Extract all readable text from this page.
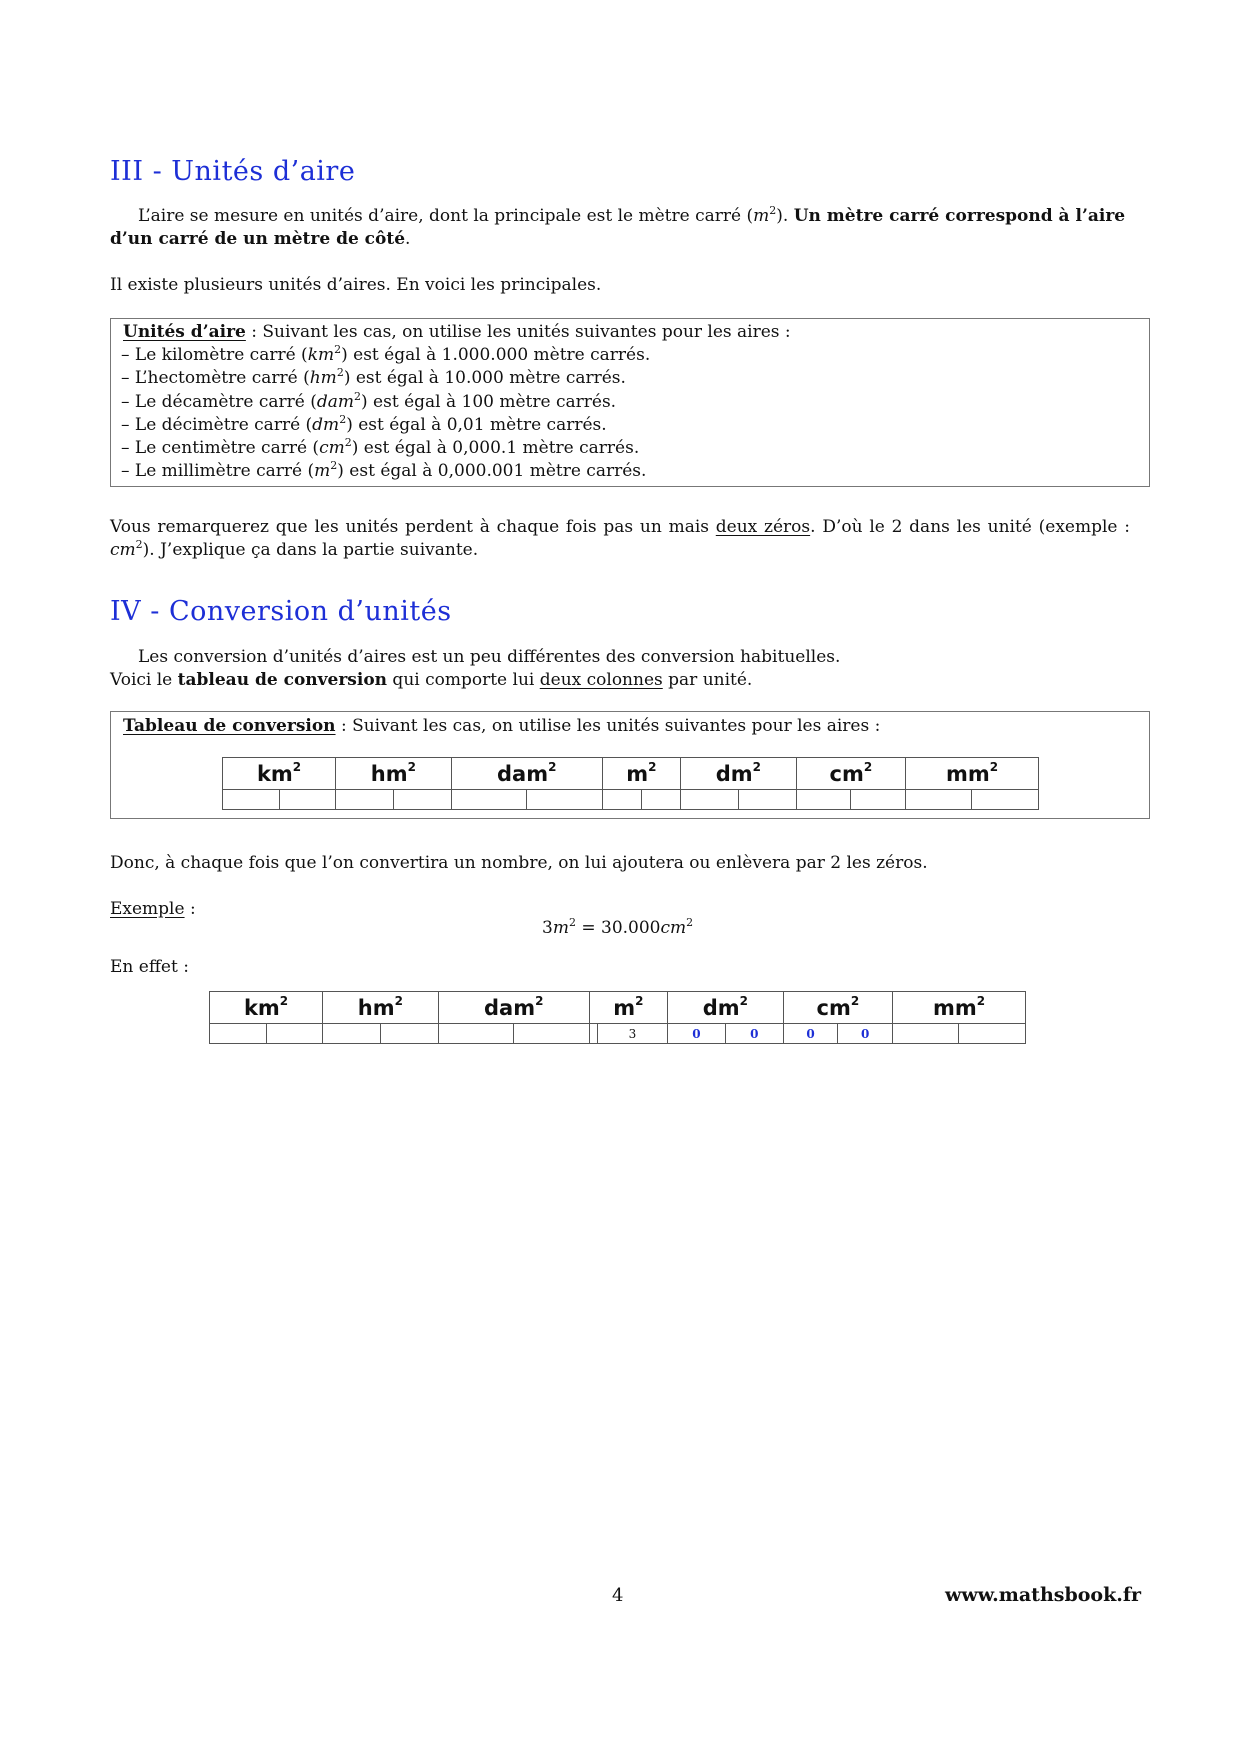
III - Unités d’aire

L’aire se mesure en unités d’aire, dont la principale est le mètre carré $(m^2)$. Un mètre carré correspond à l’aire

d’un carré de un mètre de côté.

Il existe plusieurs unités d’aires. En voici les principales.

Unités d’aire : Suivant les cas, on utilise les unités suivantes pour les aires :
– Le kilomètre carré $(km^2)$ est égal à 1.000.000 mètre carrés.
– L’hectomètre carré $(hm^2)$ est égal à 10.000 mètre carrés.
– Le décamètre carré (dam$^2$) est égal à 100 mètre carrés.
– Le décimètre carré $(dm^2)$ est égal à 0,01 mètre carrés.
– Le centimètre carré $(cm^2)$ est égal à 0,000.1 mètre carrés.
– Le millimètre carré $(m^2)$ est égal à 0,000.001 mètre carrés.

Vous remarquerez que les unités perdent à chaque fois pas un mais deux zéros. D’où le 2 dans les unité (exemple : $cm^2$). J’explique ça dans la partie suivante.

IV - Conversion d’unités

Les conversion d’unités d’aires est un peu différentes des conversion habituelles.

Voici le tableau de conversion qui comporte lui deux colonnes par unité.

Tableau de conversion : Suivant les cas, on utilise les unités suivantes pour les aires :
$km^2$		$hm^2$		dam$^2$		$m^2$		$dm^2$		$cm^2$		$mm^2$

Donc, à chaque fois que l’on convertira un nombre, on lui ajoutera ou enlèvera par 2 les zéros.

Exemple :

$3m^2 = 30.000cm^2$

En effet :

$km^2$		$hm^2$		dam$^2$		$m^2$		$dm^2$		$cm^2$		$mm^2$
							3	0	0	0	0		
4	www.mathsbook.fr
